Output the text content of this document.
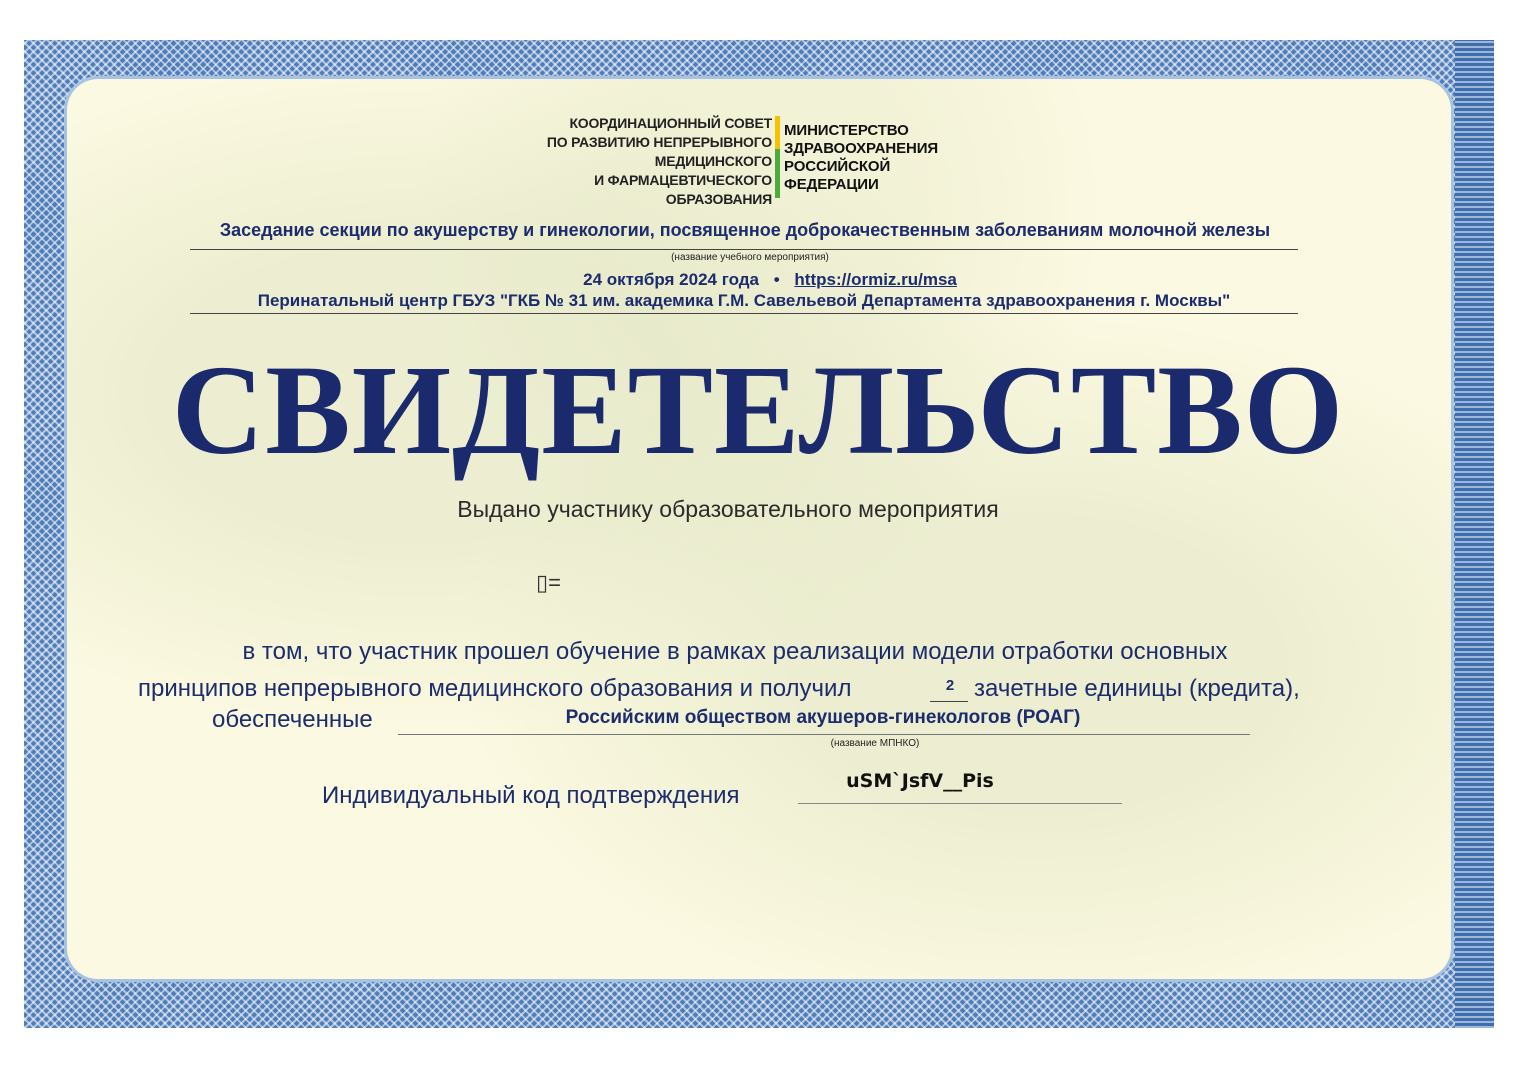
КООРДИНАЦИОННЫЙ СОВЕТ
ПО РАЗВИТИЮ НЕПРЕРЫВНОГО
МЕДИЦИНСКОГО
И ФАРМАЦЕВТИЧЕСКОГО
ОБРАЗОВАНИЯ
МИНИСТЕРСТВО
ЗДРАВООХРАНЕНИЯ
РОССИЙСКОЙ
ФЕДЕРАЦИИ
Заседание секции по акушерству и гинекологии, посвященное доброкачественным заболеваниям молочной железы
(название учебного мероприятия)
24 октября 2024 года • https://ormiz.ru/msa
Перинатальный центр ГБУЗ "ГКБ № 31 им. академика Г.М. Савельевой Департамента здравоохранения г. Москвы"
СВИДЕТЕЛЬСТВО
Выдано участнику образовательного мероприятия
▯=
в том, что участник прошел обучение в рамках реализации модели отработки основных
принципов непрерывного медицинского образования и получил	2 зачетные единицы (кредита),
обеспеченные	Российским обществом акушеров-гинекологов (РОАГ)
(название МПНКО)
Индивидуальный код подтверждения
uSM`JsfV__Pis
